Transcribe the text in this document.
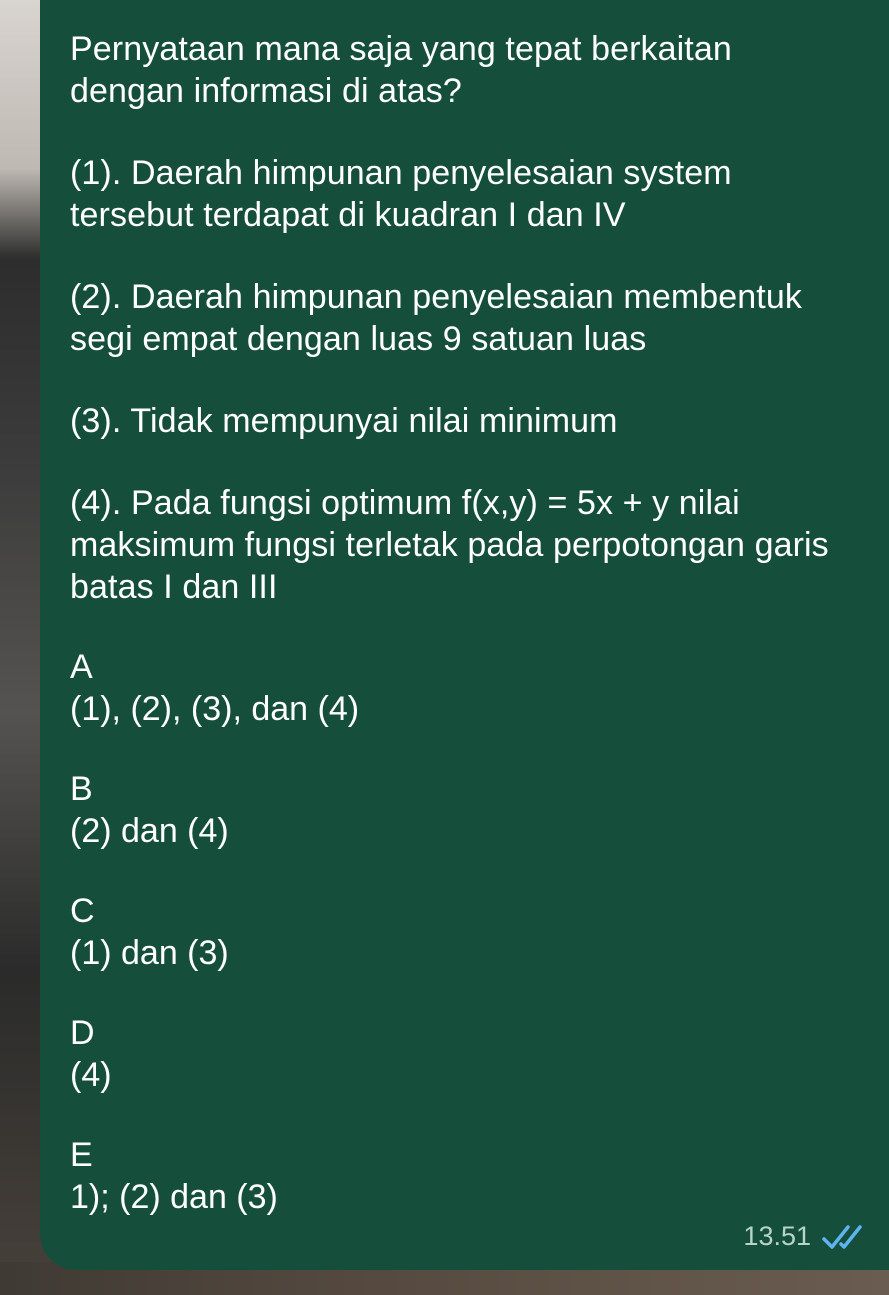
Pernyataan mana saja yang tepat berkaitan
dengan informasi di atas?

(1). Daerah himpunan penyelesaian system
tersebut terdapat di kuadran I dan IV

(2). Daerah himpunan penyelesaian membentuk
segi empat dengan luas 9 satuan luas

(3). Tidak mempunyai nilai minimum

(4). Pada fungsi optimum f(x,y) = 5x + y nilai
maksimum fungsi terletak pada perpotongan garis
batas I dan III

A

(1), (2), (3), dan (4)

B

(2) dan (4)

C

(1) dan (3)

D

(4)

E

1); (2) dan (3)

13.51
